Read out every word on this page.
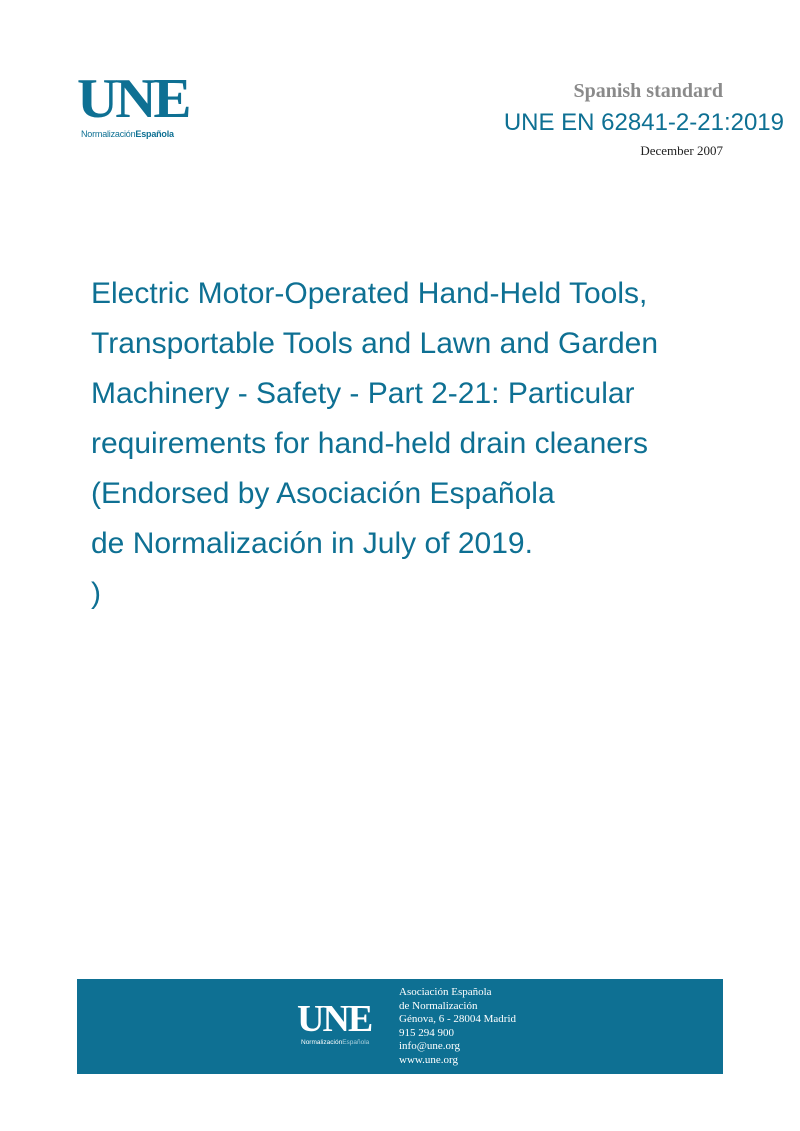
UNE
NormalizaciónEspañola
Spanish standard
UNE EN 62841-2-21:2019
December 2007
Electric Motor-Operated Hand-Held Tools,
Transportable Tools and Lawn and Garden
Machinery - Safety - Part 2-21: Particular
requirements for hand-held drain cleaners
(Endorsed by Asociación Española
de Normalización in July of 2019.
)
UNE
NormalizaciónEspañola
Asociación Española
de Normalización
Génova, 6 - 28004 Madrid
915 294 900
info@une.org
www.une.org
